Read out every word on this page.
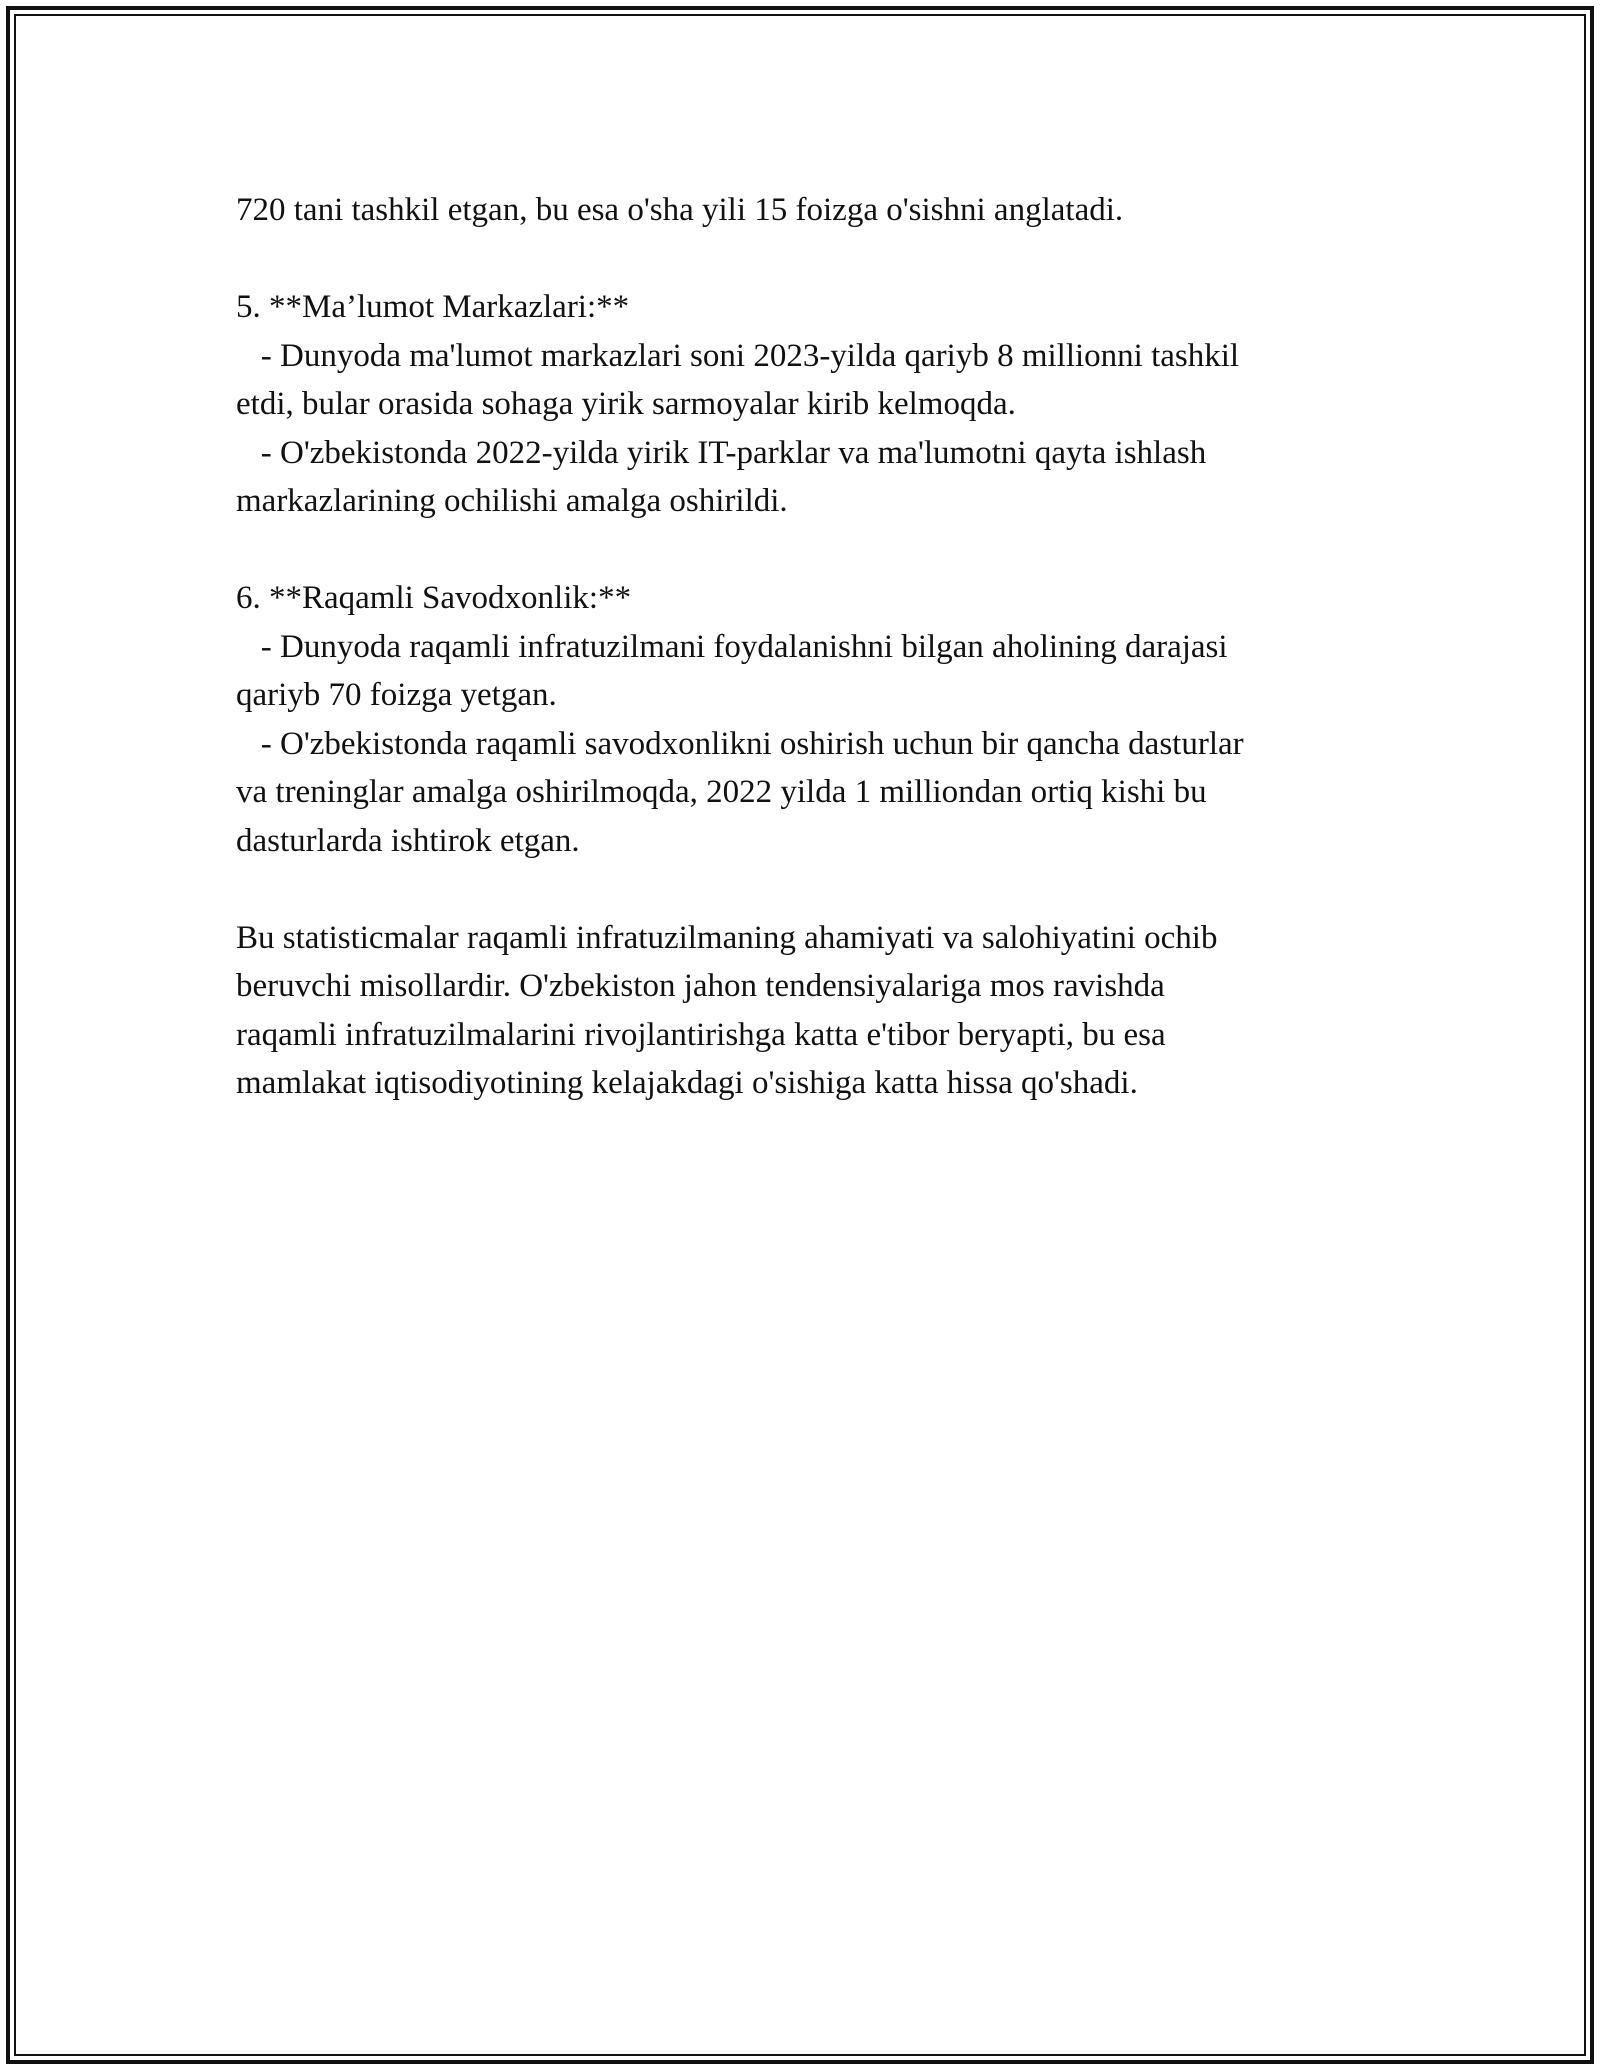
720 tani tashkil etgan, bu esa o'sha yili 15 foizga o'sishni anglatadi.
5. **Ma’lumot Markazlari:**
- Dunyoda ma'lumot markazlari soni 2023-yilda qariyb 8 millionni tashkil
etdi, bular orasida sohaga yirik sarmoyalar kirib kelmoqda.
- O'zbekistonda 2022-yilda yirik IT-parklar va ma'lumotni qayta ishlash
markazlarining ochilishi amalga oshirildi.
6. **Raqamli Savodxonlik:**
- Dunyoda raqamli infratuzilmani foydalanishni bilgan aholining darajasi
qariyb 70 foizga yetgan.
- O'zbekistonda raqamli savodxonlikni oshirish uchun bir qancha dasturlar
va treninglar amalga oshirilmoqda, 2022 yilda 1 milliondan ortiq kishi bu
dasturlarda ishtirok etgan.
Bu statisticmalar raqamli infratuzilmaning ahamiyati va salohiyatini ochib
beruvchi misollardir. O'zbekiston jahon tendensiyalariga mos ravishda
raqamli infratuzilmalarini rivojlantirishga katta e'tibor beryapti, bu esa
mamlakat iqtisodiyotining kelajakdagi o'sishiga katta hissa qo'shadi.
